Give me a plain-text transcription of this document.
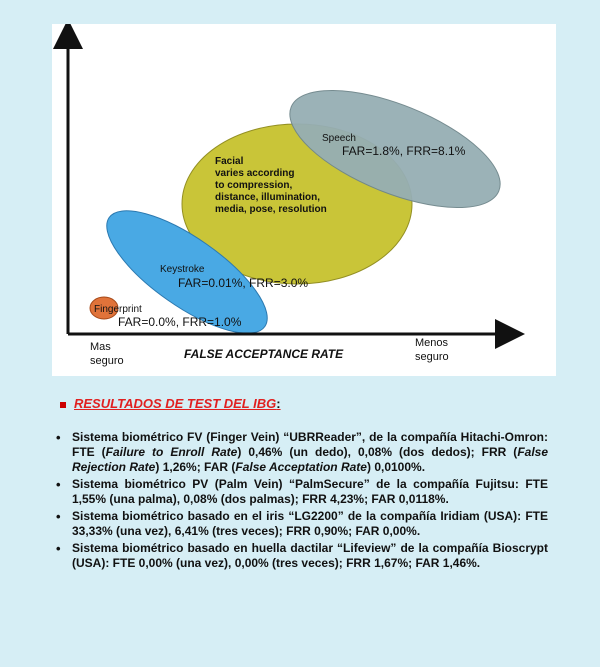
Fingerprint
FAR=0.0%, FRR=1.0%
Keystroke
FAR=0.01%, FRR=3.0%
Facial
varies according
to compression,
distance, illumination,
media, pose, resolution
Speech
FAR=1.8%, FRR=8.1%
Mas
seguro	FALSE ACCEPTANCE RATE
Menos
seguro
RESULTADOS DE TEST DEL IBG:
• Sistema biométrico FV (Finger Vein) “UBRReader”, de la compañía Hitachi-Omron: FTE (Failure to Enroll Rate) 0,46% (un dedo), 0,08% (dos dedos); FRR (False Rejection Rate) 1,26%; FAR (False Acceptation Rate) 0,0100%.
• Sistema biométrico PV (Palm Vein) “PalmSecure” de la compañía Fujitsu: FTE 1,55% (una palma), 0,08% (dos palmas); FRR 4,23%; FAR 0,0118%.
• Sistema biométrico basado en el iris “LG2200” de la compañía Iridiam (USA): FTE 33,33% (una vez), 6,41% (tres veces); FRR 0,90%; FAR 0,00%.
• Sistema biométrico basado en huella dactilar “Lifeview” de la compañía Bioscrypt (USA): FTE 0,00% (una vez), 0,00% (tres veces); FRR 1,67%; FAR 1,46%.
